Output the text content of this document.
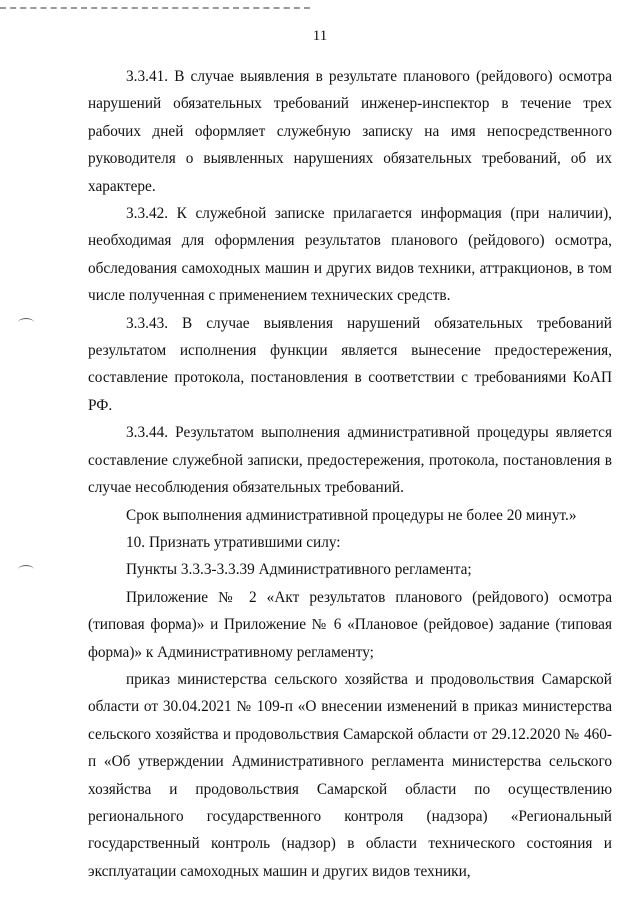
11

3.3.41. В случае выявления в результате планового (рейдового) осмотра нарушений обязательных требований инженер-инспектор в течение трех рабочих дней оформляет служебную записку на имя непосредственного руководителя о выявленных нарушениях обязательных требований, об их характере.

3.3.42. К служебной записке прилагается информация (при наличии), необходимая для оформления результатов планового (рейдового) осмотра, обследования самоходных машин и других видов техники, аттракционов, в том числе полученная с применением технических средств.

3.3.43. В случае выявления нарушений обязательных требований результатом исполнения функции является вынесение предостережения, составление протокола, постановления в соответствии с требованиями КоАП РФ.

3.3.44. Результатом выполнения административной процедуры является составление служебной записки, предостережения, протокола, постановления в случае несоблюдения обязательных требований.

Срок выполнения административной процедуры не более 20 минут.»

10. Признать утратившими силу:

Пункты 3.3.3-3.3.39 Административного регламента;

Приложение № 2 «Акт результатов планового (рейдового) осмотра (типовая форма)» и Приложение № 6 «Плановое (рейдовое) задание (типовая форма)» к Административному регламенту;

приказ министерства сельского хозяйства и продовольствия Самарской области от 30.04.2021 № 109-п «О внесении изменений в приказ министерства сельского хозяйства и продовольствия Самарской области от 29.12.2020 № 460-п «Об утверждении Административного регламента министерства сельского хозяйства и продовольствия Самарской области по осуществлению регионального государственного контроля (надзора) «Региональный государственный контроль (надзор) в области технического состояния и эксплуатации самоходных машин и других видов техники,
